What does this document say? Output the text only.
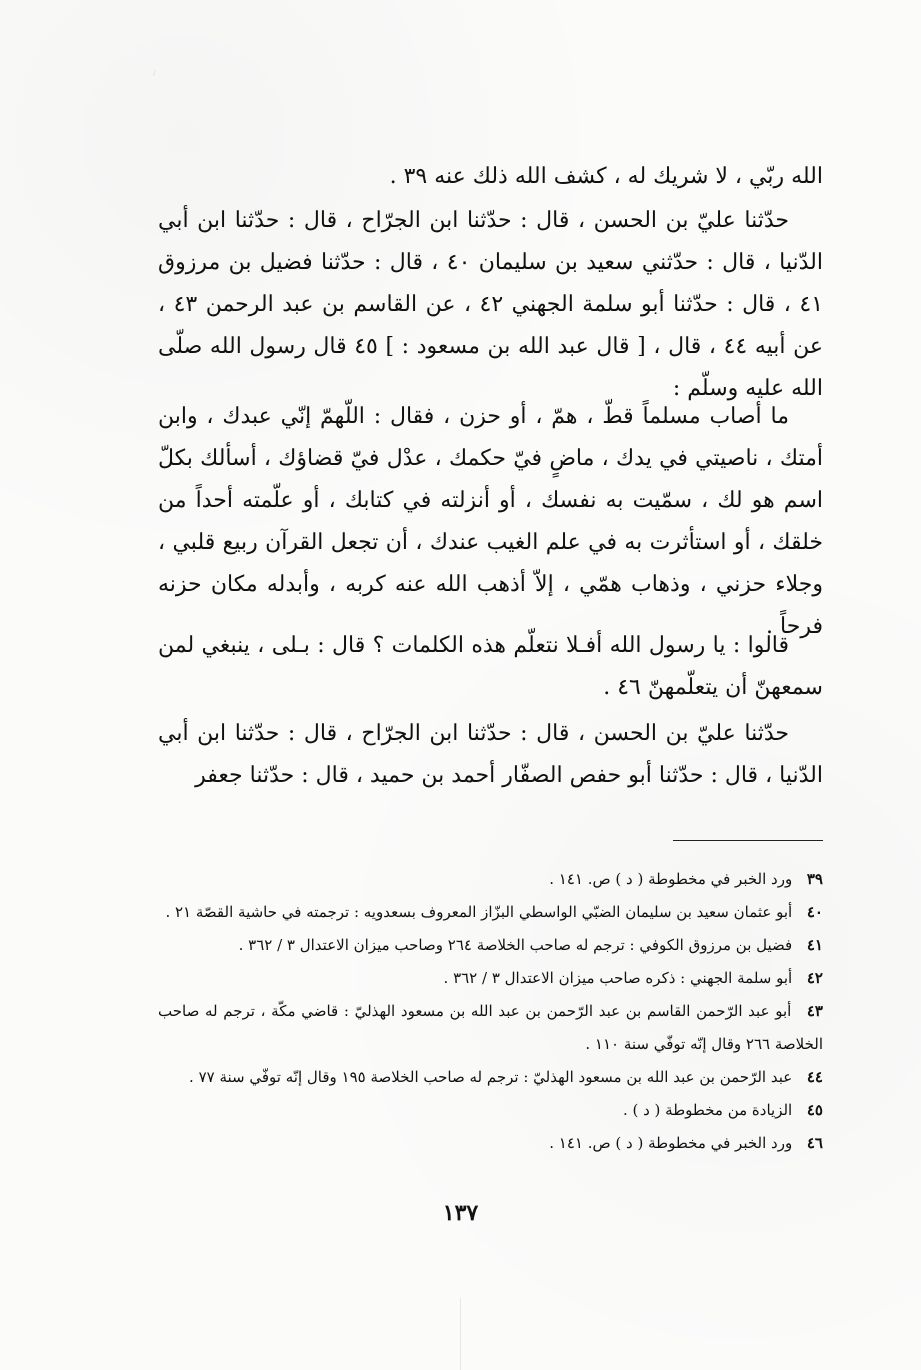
الله ربّي ، لا شريك له ، كشف الله ذلك عنه ٣٩ .

حدّثنا عليّ بن الحسن ، قال : حدّثنا ابن الجرّاح ، قال : حدّثنا ابن أبي الدّنيا ، قال : حدّثني سعيد بن سليمان ٤٠ ، قال : حدّثنا فضيل بن مرزوق ٤١ ، قال : حدّثنا أبو سلمة الجهني ٤٢ ، عن القاسم بن عبد الرحمن ٤٣ ، عن أبيه ٤٤ ، قال ، [ قال عبد الله بن مسعود : ] ٤٥ قال رسول الله صلّى الله عليه وسلّم :

ما أصاب مسلماً قطّ ، همّ ، أو حزن ، فقال : اللّهمّ إنّي عبدك ، وابن أمتك ، ناصيتي في يدك ، ماضٍ فيّ حكمك ، عدْل فيّ قضاؤك ، أسألك بكلّ اسم هو لك ، سمّيت به نفسك ، أو أنزلته في كتابك ، أو علّمته أحداً من خلقك ، أو استأثرت به في علم الغيب عندك ، أن تجعل القرآن ربيع قلبي ، وجلاء حزني ، وذهاب همّي ، إلاّ أذهب الله عنه كربه ، وأبدله مكان حزنه فرحاً .

قالوا : يا رسول الله أفـلا نتعلّم هذه الكلمات ؟ قال : بـلى ، ينبغي لمن سمعهنّ أن يتعلّمهنّ ٤٦ .

حدّثنا عليّ بن الحسن ، قال : حدّثنا ابن الجرّاح ، قال : حدّثنا ابن أبي الدّنيا ، قال : حدّثنا أبو حفص الصفّار أحمد بن حميد ، قال : حدّثنا جعفر

٣٩ ورد الخبر في مخطوطة ( د ) ص. ١٤١ .

٤٠ أبو عثمان سعيد بن سليمان الضبّي الواسطي البزّاز المعروف بسعدويه : ترجمته في حاشية القصّة ٢١ .

٤١ فضيل بن مرزوق الكوفي : ترجم له صاحب الخلاصة ٢٦٤ وصاحب ميزان الاعتدال ٣ / ٣٦٢ .

٤٢ أبو سلمة الجهني : ذكره صاحب ميزان الاعتدال ٣ / ٣٦٢ .

٤٣ أبو عبد الرّحمن القاسم بن عبد الرّحمن بن عبد الله بن مسعود الهذليّ : قاضي مكّة ، ترجم له صاحب الخلاصة ٢٦٦ وقال إنّه توفّي سنة ١١٠ .

٤٤ عبد الرّحمن بن عبد الله بن مسعود الهذليّ : ترجم له صاحب الخلاصة ١٩٥ وقال إنّه توفّي سنة ٧٧ .

٤٥ الزيادة من مخطوطة ( د ) .

٤٦ ورد الخبر في مخطوطة ( د ) ص. ١٤١ .

١٣٧
